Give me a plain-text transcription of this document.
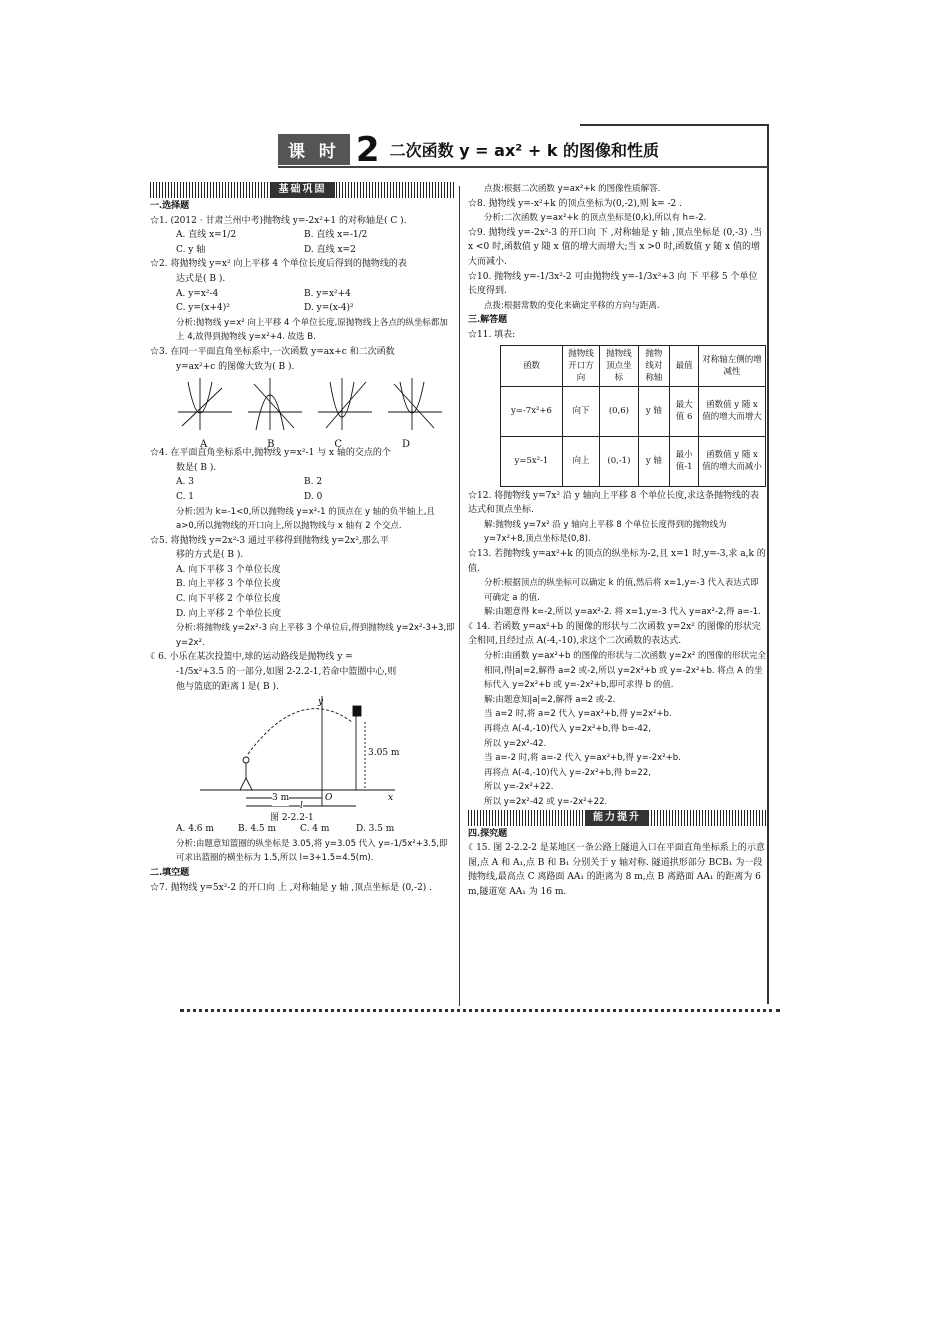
课 时 2 二次函数 y = ax² + k 的图像和性质
基础巩固

一.选择题

☆1. (2012 · 甘肃兰州中考)抛物线 y=-2x²+1 的对称轴是( C ).

A. 直线 x=1/2	B. 直线 x=-1/2
C. y 轴	D. 直线 x=2

☆2. 将抛物线 y=x² 向上平移 4 个单位长度后得到的抛物线的表

达式是( B ).

A. y=x²-4	B. y=x²+4
C. y=(x+4)²	D. y=(x-4)²

分析:抛物线 y=x² 向上平移 4 个单位长度,原抛物线上各点的纵坐标都加上 4,故得到抛物线 y=x²+4. 故选 B.

☆3. 在同一平面直角坐标系中,一次函数 y=ax+c 和二次函数

y=ax²+c 的图像大致为( B ).

A	B	C	D

☆4. 在平面直角坐标系中,抛物线 y=x²-1 与 x 轴的交点的个

数是( B ).

A. 3	B. 2
C. 1	D. 0

分析:因为 k=-1<0,所以抛物线 y=x²-1 的顶点在 y 轴的负半轴上,且 a>0,所以抛物线的开口向上,所以抛物线与 x 轴有 2 个交点.

☆5. 将抛物线 y=2x²-3 通过平移得到抛物线 y=2x²,那么平

移的方式是( B ).

A. 向下平移 3 个单位长度

B. 向上平移 3 个单位长度

C. 向下平移 2 个单位长度

D. 向上平移 2 个单位长度

分析:将抛物线 y=2x²-3 向上平移 3 个单位后,得到抛物线 y=2x²-3+3,即 y=2x².

☾6. 小乐在某次投篮中,球的运动路线是抛物线 y =

-1/5x²+3.5 的一部分,如图 2-2.2-1,若命中篮圈中心,则

他与篮底的距离 l 是( B ).

y
x
O
3.05 m
3 m
l
图 2-2.2-1
A. 4.6 m	B. 4.5 m	C. 4 m	D. 3.5 m

分析:由题意知篮圈的纵坐标是 3.05,将 y=3.05 代入 y=-1/5x²+3.5,即可求出篮圈的横坐标为 1.5,所以 l=3+1.5=4.5(m).

二.填空题

☆7. 抛物线 y=5x²-2 的开口向 上 ,对称轴是 y 轴 ,顶点坐标是 (0,-2) .

点拨:根据二次函数 y=ax²+k 的图像性质解答.

☆8. 抛物线 y=-x²+k 的顶点坐标为(0,-2),则 k= -2 .

分析:二次函数 y=ax²+k 的顶点坐标是(0,k),所以有 h=-2.

☆9. 抛物线 y=-2x²-3 的开口向 下 ,对称轴是 y 轴 ,顶点坐标是 (0,-3) .当 x <0 时,函数值 y 随 x 值的增大而增大;当 x >0 时,函数值 y 随 x 值的增大而减小.

☆10. 抛物线 y=-1/3x²-2 可由抛物线 y=-1/3x²+3 向 下 平移 5 个单位长度得到.

点拨:根据常数的变化来确定平移的方向与距离.

三.解答题

☆11. 填表:

函数	抛物线开口方向	抛物线顶点坐标	抛物线对称轴	最值	对称轴左侧的增减性
y=-7x²+6	向下	(0,6)	y 轴	最大值 6	函数值 y 随 x 值的增大而增大
y=5x²-1	向上	(0,-1)	y 轴	最小值-1	函数值 y 随 x 值的增大而减小

☆12. 将抛物线 y=7x² 沿 y 轴向上平移 8 个单位长度,求这条抛物线的表达式和顶点坐标.

解:抛物线 y=7x² 沿 y 轴向上平移 8 个单位长度得到的抛物线为 y=7x²+8,顶点坐标是(0,8).

☆13. 若抛物线 y=ax²+k 的顶点的纵坐标为-2,且 x=1 时,y=-3,求 a,k 的值.

分析:根据顶点的纵坐标可以确定 k 的值,然后将 x=1,y=-3 代入表达式即可确定 a 的值.

解:由题意得 k=-2,所以 y=ax²-2. 将 x=1,y=-3 代入 y=ax²-2,得 a=-1.

☾14. 若函数 y=ax²+b 的图像的形状与二次函数 y=2x² 的图像的形状完全相同,且经过点 A(-4,-10),求这个二次函数的表达式.

分析:由函数 y=ax²+b 的图像的形状与二次函数 y=2x² 的图像的形状完全相同,得|a|=2,解得 a=2 或-2,所以 y=2x²+b 或 y=-2x²+b. 将点 A 的坐标代入 y=2x²+b 或 y=-2x²+b,即可求得 b 的值.

解:由题意知|a|=2,解得 a=2 或-2.

当 a=2 时,将 a=2 代入 y=ax²+b,得 y=2x²+b.

再将点 A(-4,-10)代入 y=2x²+b,得 b=-42,

所以 y=2x²-42.

当 a=-2 时,将 a=-2 代入 y=ax²+b,得 y=-2x²+b.

再将点 A(-4,-10)代入 y=-2x²+b,得 b=22,

所以 y=-2x²+22.

所以 y=2x²-42 或 y=-2x²+22.

能力提升

四.探究题

☾15. 图 2-2.2-2 是某地区一条公路上隧道入口在平面直角坐标系上的示意图,点 A 和 A₁,点 B 和 B₁ 分别关于 y 轴对称. 隧道拱形部分 BCB₁ 为一段抛物线,最高点 C 离路面 AA₁ 的距离为 8 m,点 B 离路面 AA₁ 的距离为 6 m,隧道宽 AA₁ 为 16 m.
